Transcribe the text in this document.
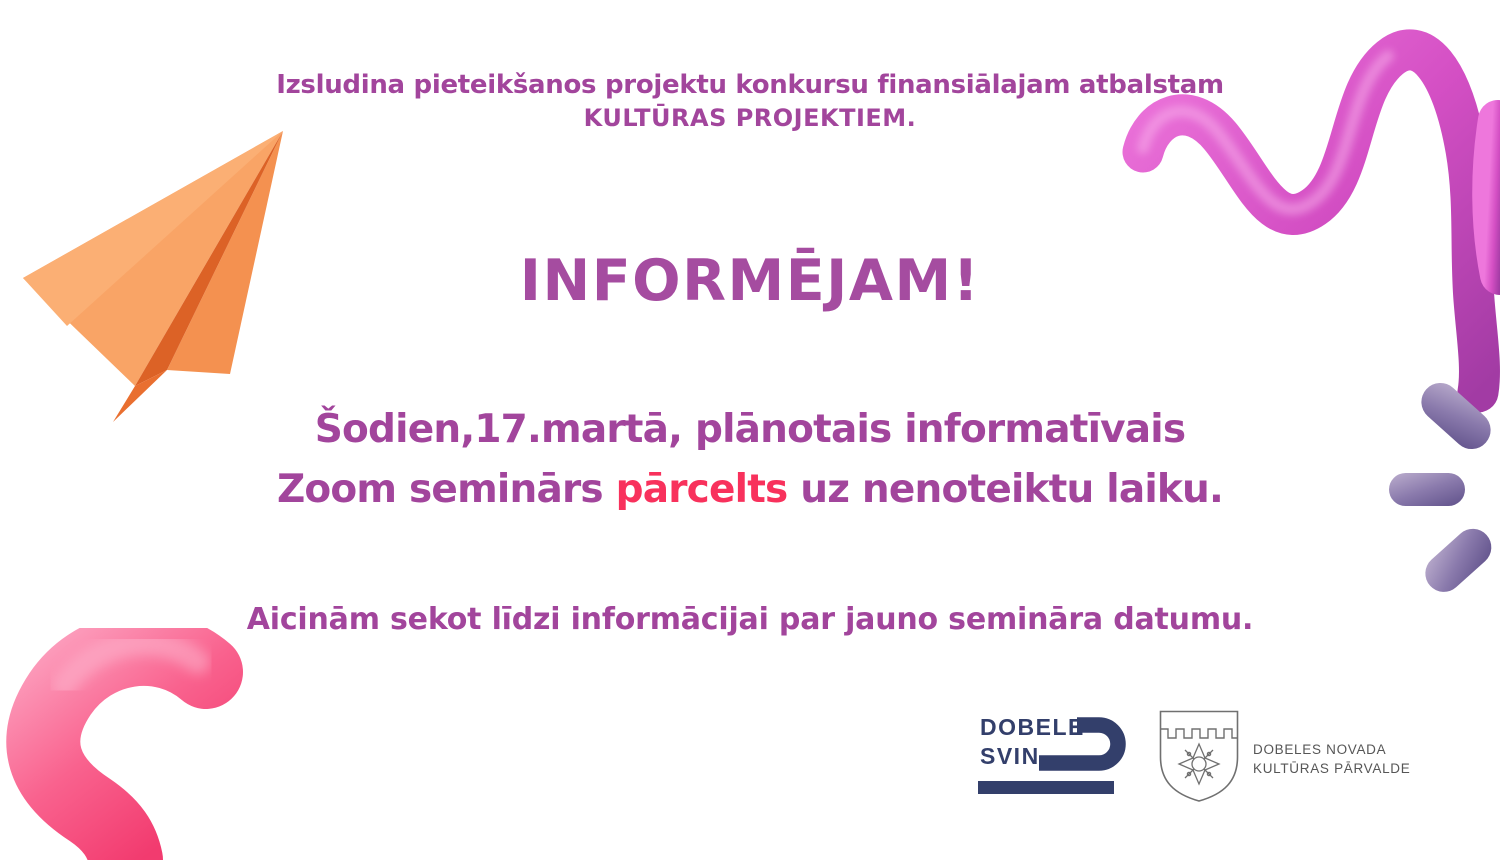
Izsludina pieteikšanos projektu konkursu finansiālajam atbalstam
KULTŪRAS PROJEKTIEM.
INFORMĒJAM!
Šodien,17.martā, plānotais informatīvais
Zoom seminārs pārcelts uz nenoteiktu laiku.
Aicinām sekot līdzi informācijai par jauno semināra datumu.
DOBELE
SVIN	DOBELES NOVADA
KULTŪRAS PĀRVALDE
